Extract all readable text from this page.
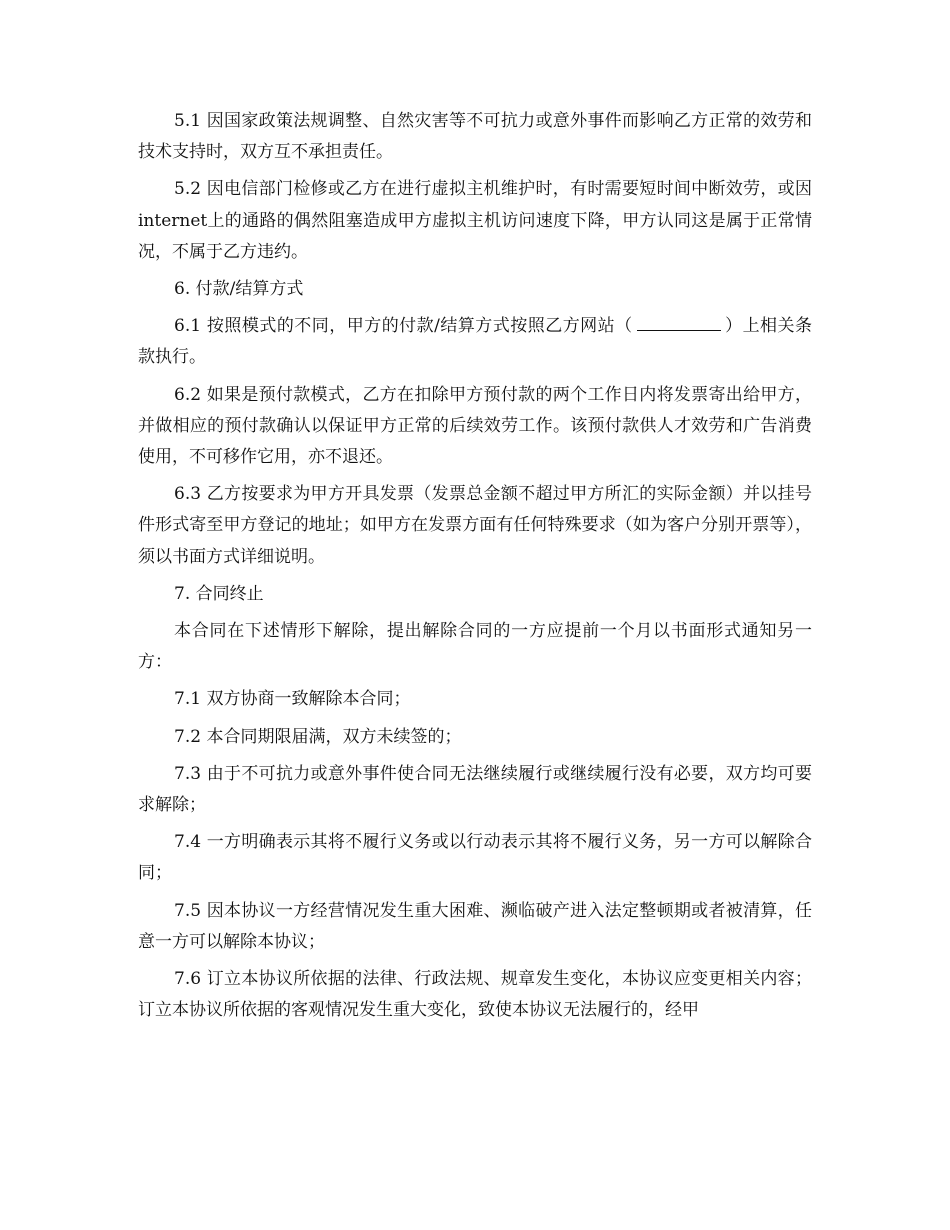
5.1 因国家政策法规调整、自然灾害等不可抗力或意外事件而影响乙方正常的效劳和技术支持时，双方互不承担责任。

5.2 因电信部门检修或乙方在进行虚拟主机维护时，有时需要短时间中断效劳，或因internet上的通路的偶然阻塞造成甲方虚拟主机访问速度下降，甲方认同这是属于正常情况，不属于乙方违约。

6. 付款/结算方式

6.1 按照模式的不同，甲方的付款/结算方式按照乙方网站（	）上相关条款执行。

6.2 如果是预付款模式，乙方在扣除甲方预付款的两个工作日内将发票寄出给甲方，并做相应的预付款确认以保证甲方正常的后续效劳工作。该预付款供人才效劳和广告消费使用，不可移作它用，亦不退还。

6.3 乙方按要求为甲方开具发票（发票总金额不超过甲方所汇的实际金额）并以挂号件形式寄至甲方登记的地址；如甲方在发票方面有任何特殊要求（如为客户分别开票等），须以书面方式详细说明。

7. 合同终止

本合同在下述情形下解除，提出解除合同的一方应提前一个月以书面形式通知另一方：

7.1 双方协商一致解除本合同；

7.2 本合同期限届满，双方未续签的；

7.3 由于不可抗力或意外事件使合同无法继续履行或继续履行没有必要，双方均可要求解除；

7.4 一方明确表示其将不履行义务或以行动表示其将不履行义务，另一方可以解除合同；

7.5 因本协议一方经营情况发生重大困难、濒临破产进入法定整顿期或者被清算，任意一方可以解除本协议；

7.6 订立本协议所依据的法律、行政法规、规章发生变化，本协议应变更相关内容；订立本协议所依据的客观情况发生重大变化，致使本协议无法履行的，经甲
